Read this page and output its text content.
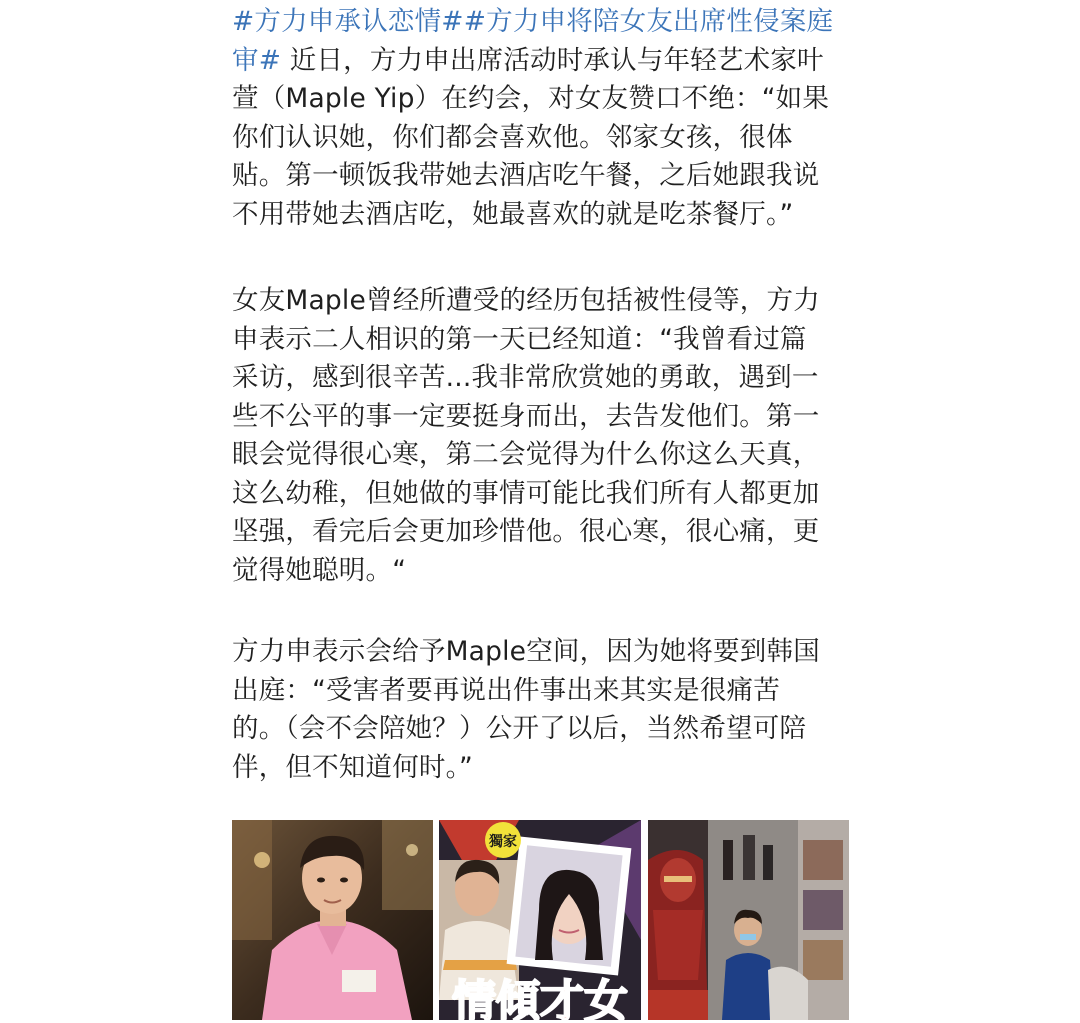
#方力申承认恋情##方力申将陪女友出席性侵案庭
审# 近日，方力申出席活动时承认与年轻艺术家叶
萱（Maple Yip）在约会，对女友赞口不绝：“如果
你们认识她，你们都会喜欢他。邻家女孩，很体
贴。第一顿饭我带她去酒店吃午餐，之后她跟我说
不用带她去酒店吃，她最喜欢的就是吃茶餐厅。”

女友Maple曾经所遭受的经历包括被性侵等，方力
申表示二人相识的第一天已经知道：“我曾看过篇
采访，感到很辛苦...我非常欣赏她的勇敢，遇到一
些不公平的事一定要挺身而出，去告发他们。第一
眼会觉得很心寒，第二会觉得为什么你这么天真，
这么幼稚，但她做的事情可能比我们所有人都更加
坚强，看完后会更加珍惜他。很心寒，很心痛，更
觉得她聪明。“

方力申表示会给予Maple空间，因为她将要到韩国
出庭：“受害者要再说出件事出来其实是很痛苦
的。（会不会陪她？）公开了以后，当然希望可陪
伴，但不知道何时。”

獨家
情傾才女
